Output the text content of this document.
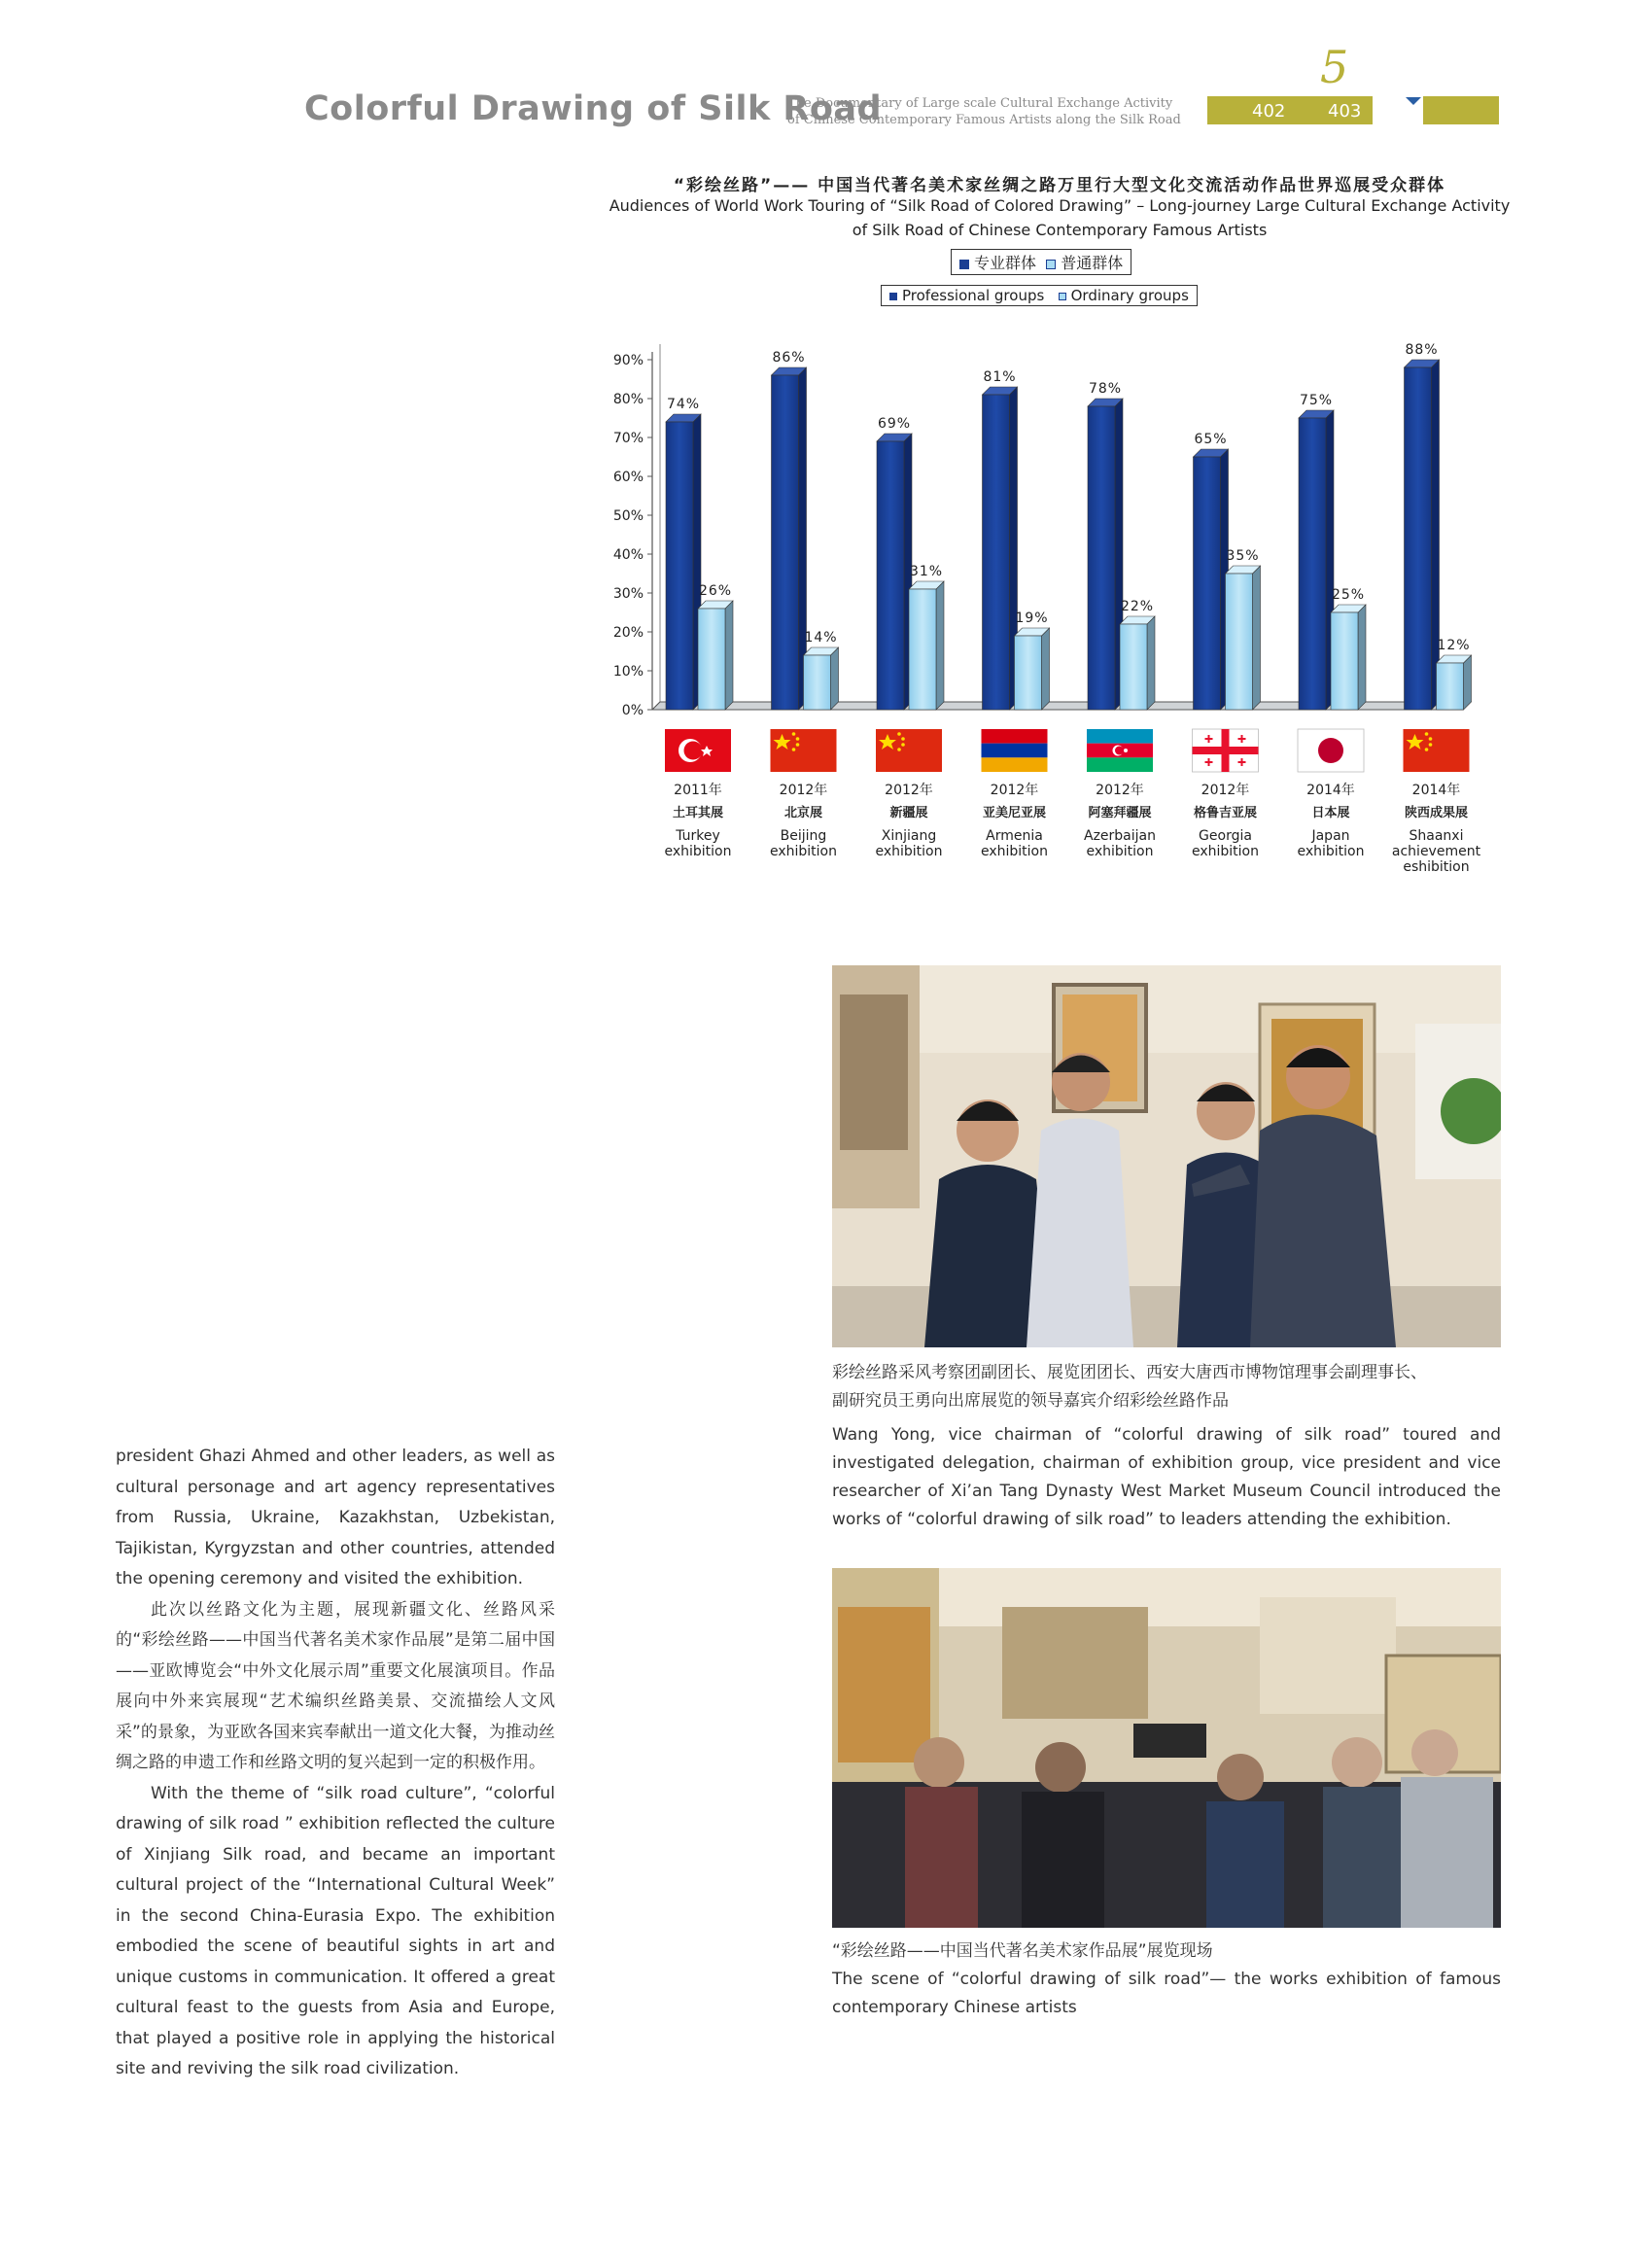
Colorful Drawing of Silk Road
The Documentary of Large scale Cultural Exchange Activity
of Chinese Contemporary Famous Artists along the Silk Road
5
402 403
“彩绘丝路”—— 中国当代著名美术家丝绸之路万里行大型文化交流活动作品世界巡展受众群体
Audiences of World Work Touring of “Silk Road of Colored Drawing” – Long-journey Large Cultural Exchange Activity
of Silk Road of Chinese Contemporary Famous Artists
专业群体 普通群体
Professional groups Ordinary groups
0%
10%
20%
30%
40%
50%
60%
70%
80%
90%
74%
26%
86%
14%
69%
31%
81%
19%
78%
22%
65%
35%
75%
25%
88%
12%
2011年
土耳其展
Turkey
exhibition
2012年
北京展
Beijing
exhibition
2012年
新疆展
Xinjiang
exhibition
2012年
亚美尼亚展
Armenia
exhibition
2012年
阿塞拜疆展
Azerbaijan
exhibition
2012年
格鲁吉亚展
Georgia
exhibition
2014年
日本展
Japan
exhibition
2014年
陕西成果展
Shaanxi
achievement
eshibition
彩绘丝路采风考察团副团长、展览团团长、西安大唐西市博物馆理事会副理事长、
副研究员王勇向出席展览的领导嘉宾介绍彩绘丝路作品
Wang Yong, vice chairman of “colorful drawing of silk road” toured and investigated delegation, chairman of exhibition group, vice president and vice researcher of Xi’an Tang Dynasty West Market Museum Council introduced the works of “colorful drawing of silk road” to leaders attending the exhibition.
“彩绘丝路——中国当代著名美术家作品展”展览现场
The scene of “colorful drawing of silk road”— the works exhibition of famous contemporary Chinese artists
president Ghazi Ahmed and other leaders, as well as cultural personage and art agency representatives from Russia, Ukraine, Kazakhstan, Uzbekistan, Tajikistan, Kyrgyzstan and other countries, attended the opening ceremony and visited the exhibition.
此次以丝路文化为主题，展现新疆文化、丝路风采的“彩绘丝路——中国当代著名美术家作品展”是第二届中国——亚欧博览会“中外文化展示周”重要文化展演项目。作品展向中外来宾展现“艺术编织丝路美景、交流描绘人文风采”的景象，为亚欧各国来宾奉献出一道文化大餐，为推动丝绸之路的申遗工作和丝路文明的复兴起到一定的积极作用。
With the theme of “silk road culture”, “colorful drawing of silk road ” exhibition reflected the culture of Xinjiang Silk road, and became an important cultural project of the “International Cultural Week” in the second China-Eurasia Expo. The exhibition embodied the scene of beautiful sights in art and unique customs in communication. It offered a great cultural feast to the guests from Asia and Europe, that played a positive role in applying the historical site and reviving the silk road civilization.
